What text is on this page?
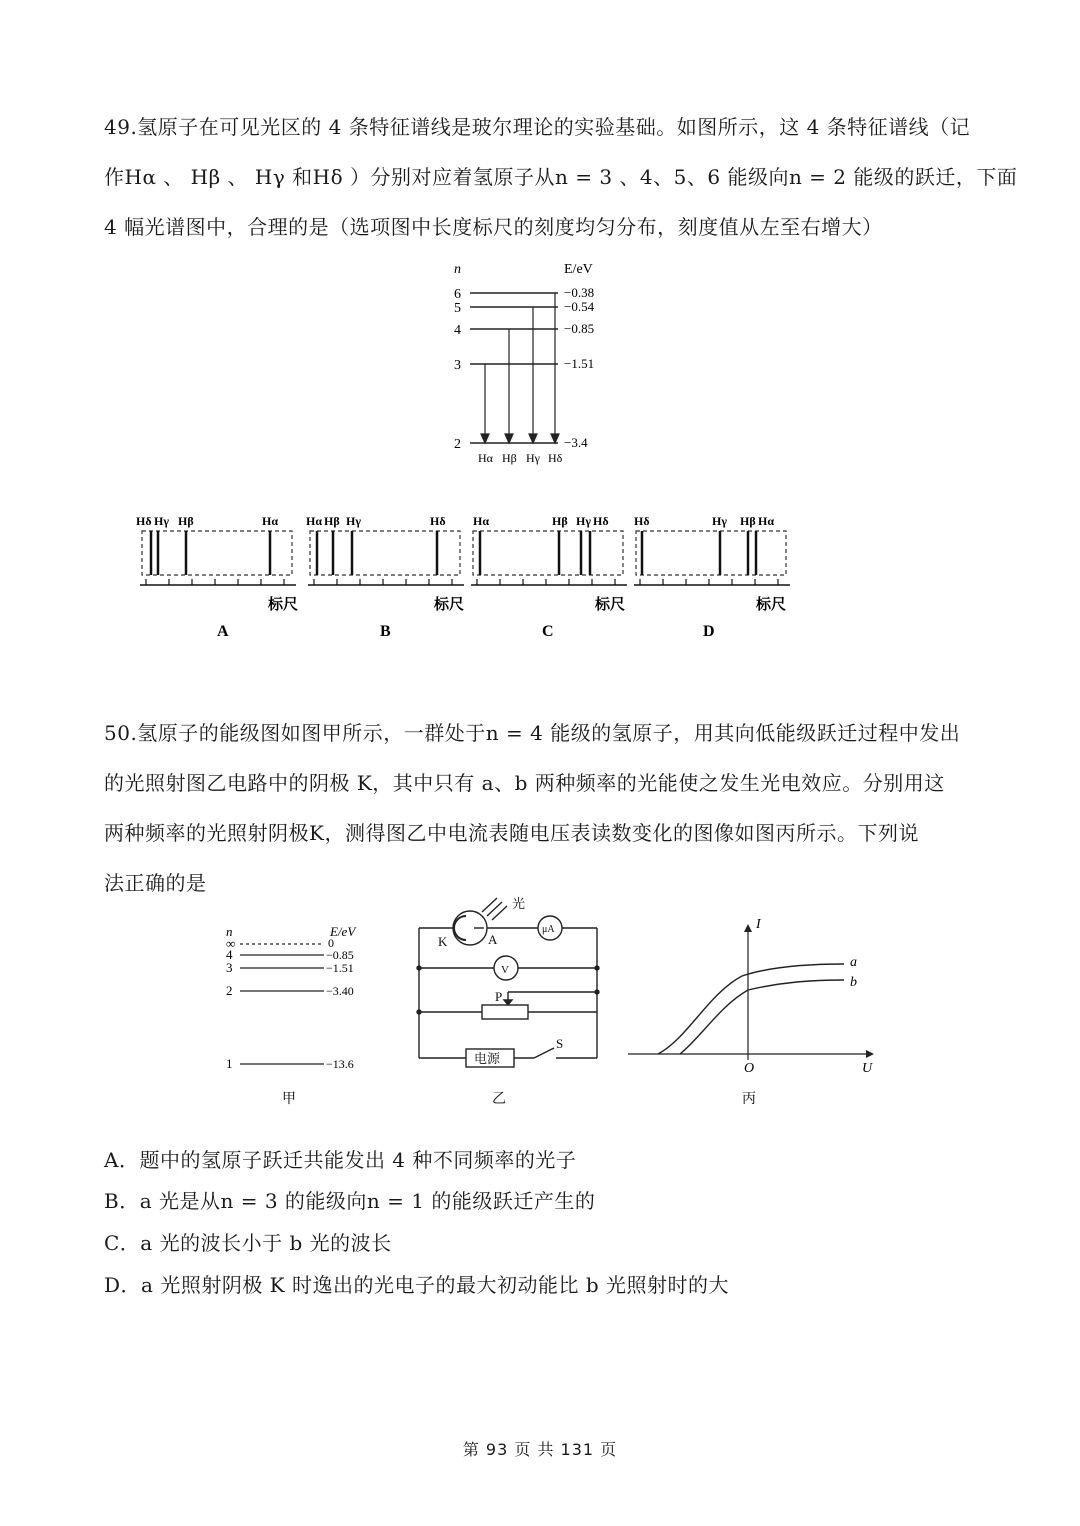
49.氢原子在可见光区的 4 条特征谱线是玻尔理论的实验基础。如图所示，这 4 条特征谱线（记
作Hα 、 Hβ 、 Hγ 和Hδ ）分别对应着氢原子从n = 3 、4、5、6 能级向n = 2 能级的跃迁，下面
4 幅光谱图中，合理的是（选项图中长度标尺的刻度均匀分布，刻度值从左至右增大）
n	E/eV
6
5
4
3
2
−0.38
−0.54
−0.85
−1.51
−3.4
Hα Hβ Hγ Hδ
Hδ Hγ Hβ	Hα
标尺
A
Hα Hβ Hγ	Hδ
标尺
B
Hα	Hβ Hγ Hδ
标尺
C
Hδ	Hγ Hβ Hα
标尺
D
50.氢原子的能级图如图甲所示，一群处于n = 4 能级的氢原子，用其向低能级跃迁过程中发出
的光照射图乙电路中的阴极 K，其中只有 a、b 两种频率的光能使之发生光电效应。分别用这
两种频率的光照射阴极K，测得图乙中电流表随电压表读数变化的图像如图丙所示。下列说
法正确的是
n	E/eV
∞
4
3
2
1
0
−0.85
−1.51
−3.40
−13.6
甲
光
K	A
μA
V
P
电源
S
乙
I
U
O
a
b
丙
A．题中的氢原子跃迁共能发出 4 种不同频率的光子
B．a 光是从n = 3 的能级向n = 1 的能级跃迁产生的
C．a 光的波长小于 b 光的波长
D．a 光照射阴极 K 时逸出的光电子的最大初动能比 b 光照射时的大
第 93 页 共 131 页
